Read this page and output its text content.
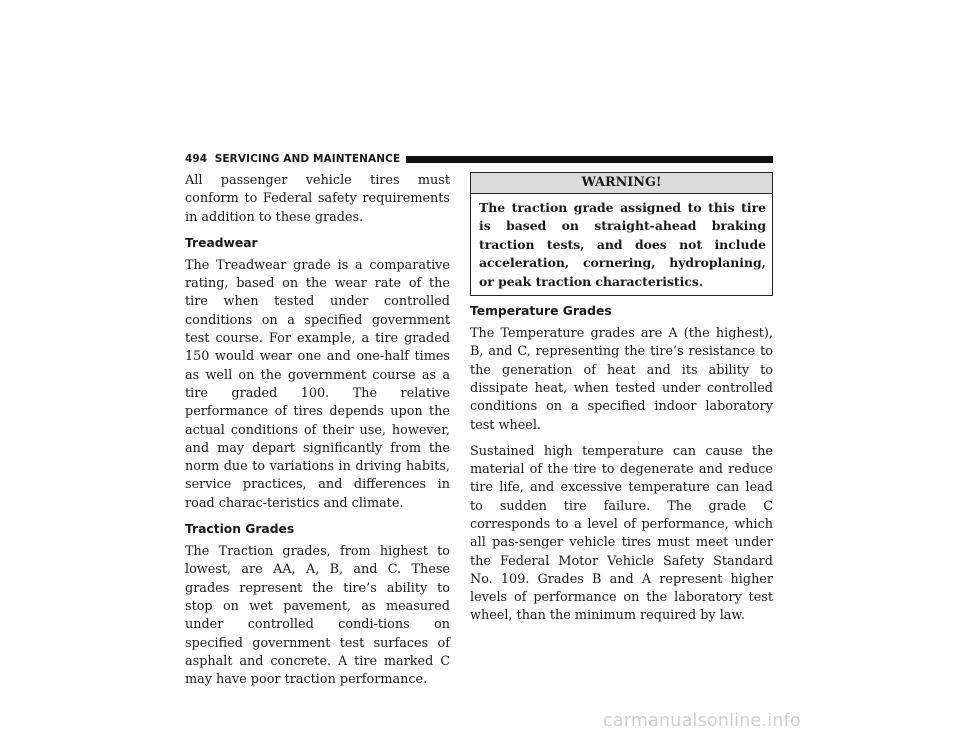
494 SERVICING AND MAINTENANCE

All passenger vehicle tires must conform to Federal safety requirements in addition to these grades.

Treadwear

The Treadwear grade is a comparative rating, based on the wear rate of the tire when tested under controlled conditions on a specified government test course. For example, a tire graded 150 would wear one and one-half times as well on the government course as a tire graded 100. The relative performance of tires depends upon the actual conditions of their use, however, and may depart significantly from the norm due to variations in driving habits, service practices, and differences in road charac-teristics and climate.

Traction Grades

The Traction grades, from highest to lowest, are AA, A, B, and C. These grades represent the tire’s ability to stop on wet pavement, as measured under controlled condi-tions on specified government test surfaces of asphalt and concrete. A tire marked C may have poor traction performance.

WARNING!
The traction grade assigned to this tire is based on straight-ahead braking traction tests, and does not include acceleration, cornering, hydroplaning, or peak traction characteristics.
Temperature Grades

The Temperature grades are A (the highest), B, and C, representing the tire’s resistance to the generation of heat and its ability to dissipate heat, when tested under controlled conditions on a specified indoor laboratory test wheel.

Sustained high temperature can cause the material of the tire to degenerate and reduce tire life, and excessive temperature can lead to sudden tire failure. The grade C corresponds to a level of performance, which all pas-senger vehicle tires must meet under the Federal Motor Vehicle Safety Standard No. 109. Grades B and A represent higher levels of performance on the laboratory test wheel, than the minimum required by law.

carmanualsonline.info
